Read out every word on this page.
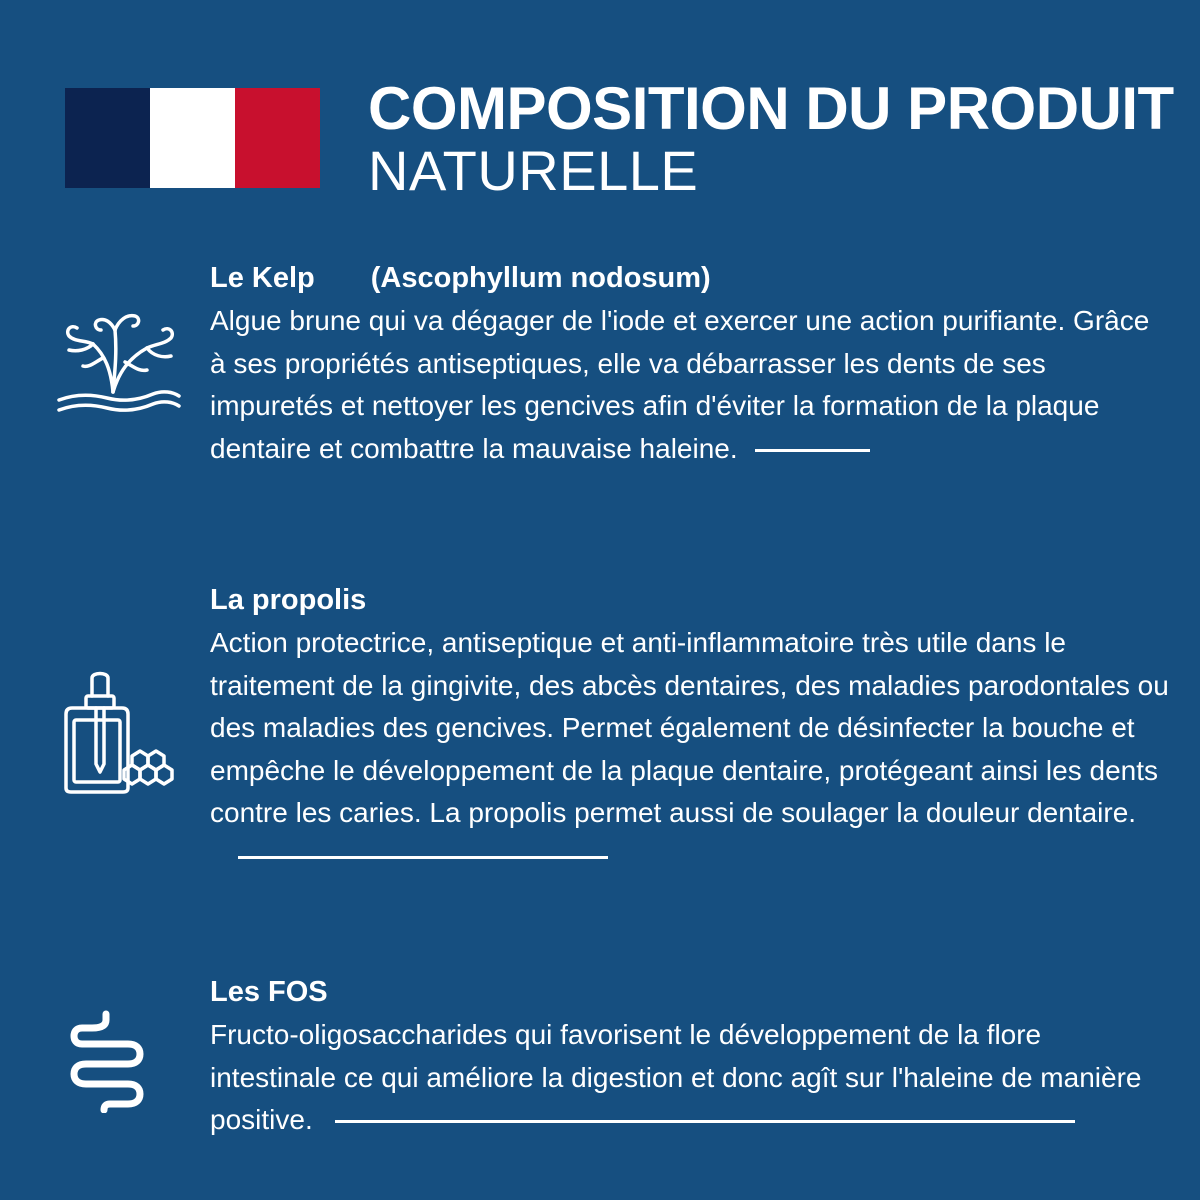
COMPOSITION DU PRODUIT
NATURELLE
Le Kelp (Ascophyllum nodosum)
Algue brune qui va dégager de l'iode et exercer une action purifiante. Grâce à ses propriétés antiseptiques, elle va débarrasser les dents de ses impuretés et nettoyer les gencives afin d'éviter la formation de la plaque dentaire et combattre la mauvaise haleine.
La propolis
Action protectrice, antiseptique et anti-inflammatoire très utile dans le traitement de la gingivite, des abcès dentaires, des maladies parodontales ou des maladies des gencives. Permet également de désinfecter la bouche et empêche le développement de la plaque dentaire, protégeant ainsi les dents contre les caries. La propolis permet aussi de soulager la douleur dentaire.
Les FOS
Fructo-oligosaccharides qui favorisent le développement de la flore intestinale ce qui améliore la digestion et donc agît sur l'haleine de manière positive.
